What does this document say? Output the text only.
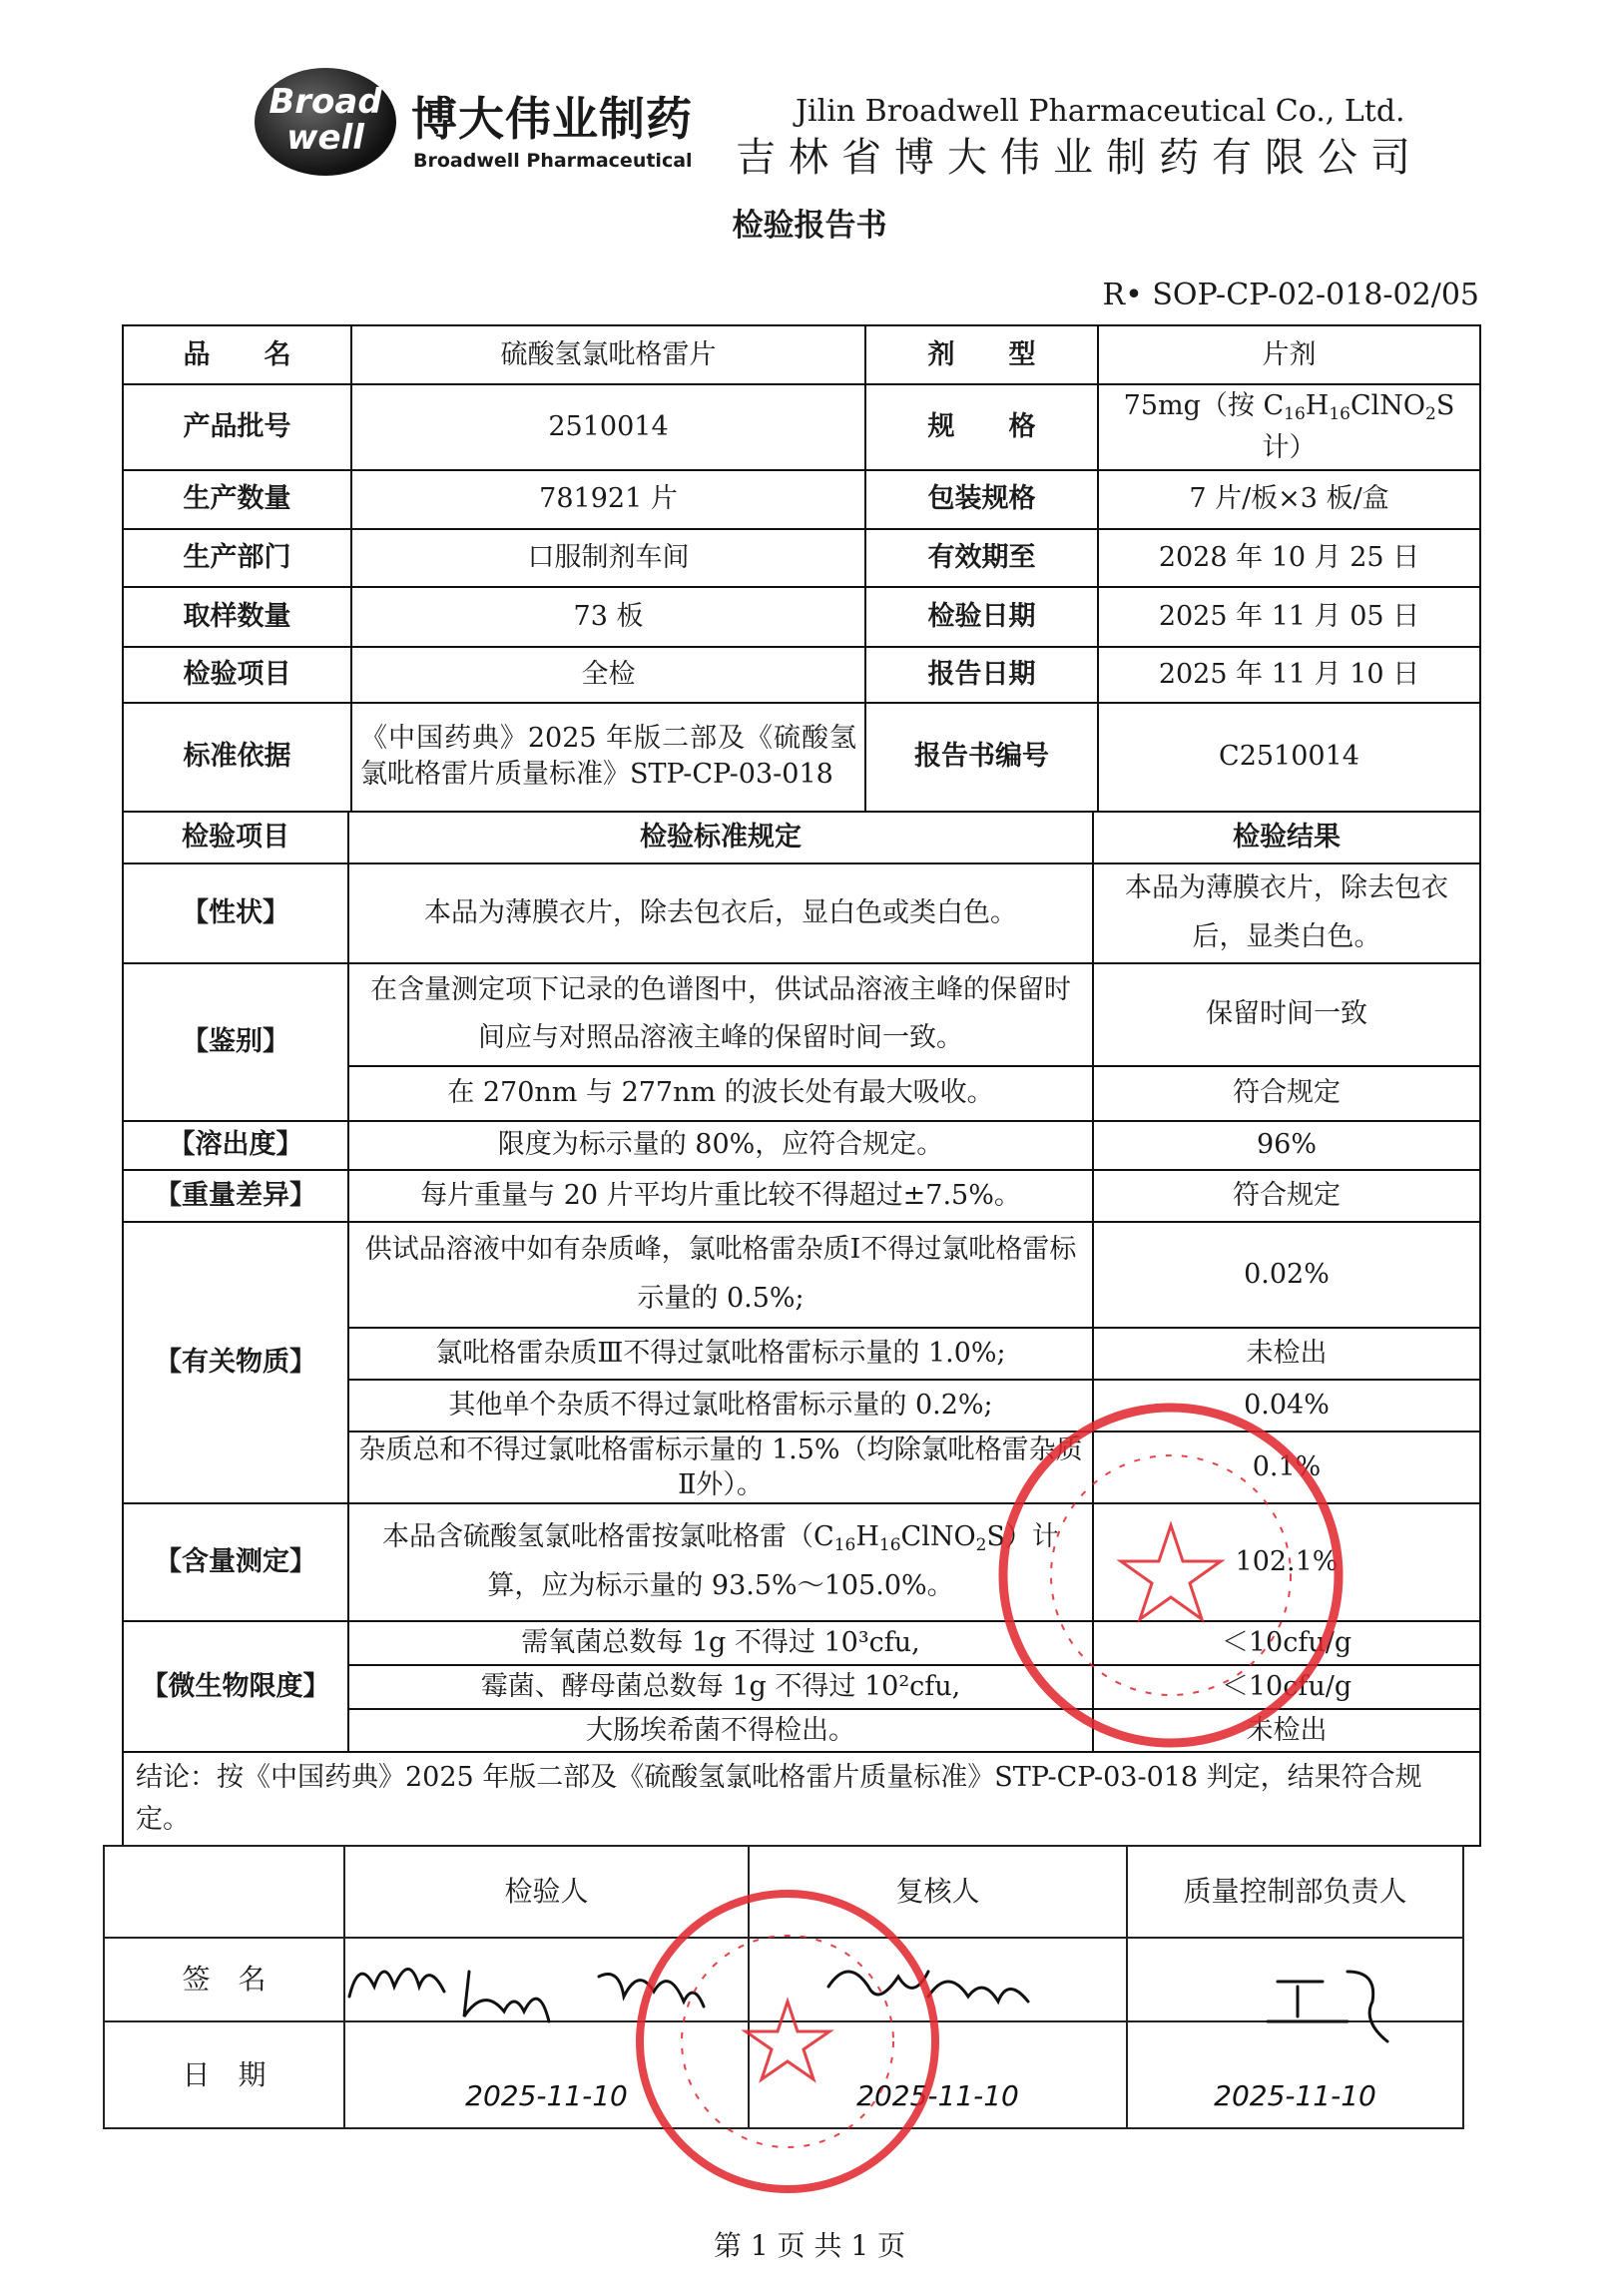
Broad well	博大伟业制药
Broadwell Pharmaceutical
Jilin Broadwell Pharmaceutical Co., Ltd.
吉林省博大伟业制药有限公司
检验报告书
R• SOP-CP-02-018-02/05
品　　名	硫酸氢氯吡格雷片	剂　　型	片剂
产品批号	2510014	规　　格	75mg（按 $C_{16}H_{16}ClNO_2S$ 计）
生产数量	781921 片	包装规格	7 片/板×3 板/盒
生产部门	口服制剂车间	有效期至	2028 年 10 月 25 日
取样数量	73 板	检验日期	2025 年 11 月 05 日
检验项目	全检	报告日期	2025 年 11 月 10 日
标准依据	《中国药典》2025 年版二部及《硫酸氢氯吡格雷片质量标准》STP-CP-03-018	报告书编号	C2510014
检验项目	检验标准规定	检验结果
【性状】	本品为薄膜衣片，除去包衣后，显白色或类白色。	本品为薄膜衣片，除去包衣后，显类白色。
【鉴别】	在含量测定项下记录的色谱图中，供试品溶液主峰的保留时间应与对照品溶液主峰的保留时间一致。	保留时间一致
	在 270nm 与 277nm 的波长处有最大吸收。	符合规定
【溶出度】	限度为标示量的 80%，应符合规定。	96%
【重量差异】	每片重量与 20 片平均片重比较不得超过±7.5%。	符合规定
【有关物质】	供试品溶液中如有杂质峰，氯吡格雷杂质Ⅰ不得过氯吡格雷标示量的 0.5%;	0.02%
	氯吡格雷杂质Ⅲ不得过氯吡格雷标示量的 1.0%;	未检出
	其他单个杂质不得过氯吡格雷标示量的 0.2%;	0.04%
	杂质总和不得过氯吡格雷标示量的 1.5%（均除氯吡格雷杂质Ⅱ外）。	0.1%
【含量测定】	本品含硫酸氢氯吡格雷按氯吡格雷$(C_{16}H_{16}ClNO_2S)$计算，应为标示量的 93.5%～105.0%。	102.1%
【微生物限度】	需氧菌总数每 1g 不得过 10³cfu,	＜10cfu/g
	霉菌、酵母菌总数每 1g 不得过 10²cfu,	＜10cfu/g
	大肠埃希菌不得检出。	未检出
结论：按《中国药典》2025 年版二部及《硫酸氢氯吡格雷片质量标准》STP-CP-03-018 判定，结果符合规定。		
	检验人	复核人	质量控制部负责人
签　名			
日　期	2025-11-10	2025-11-10	2025-11-10
第 1 页 共 1 页
